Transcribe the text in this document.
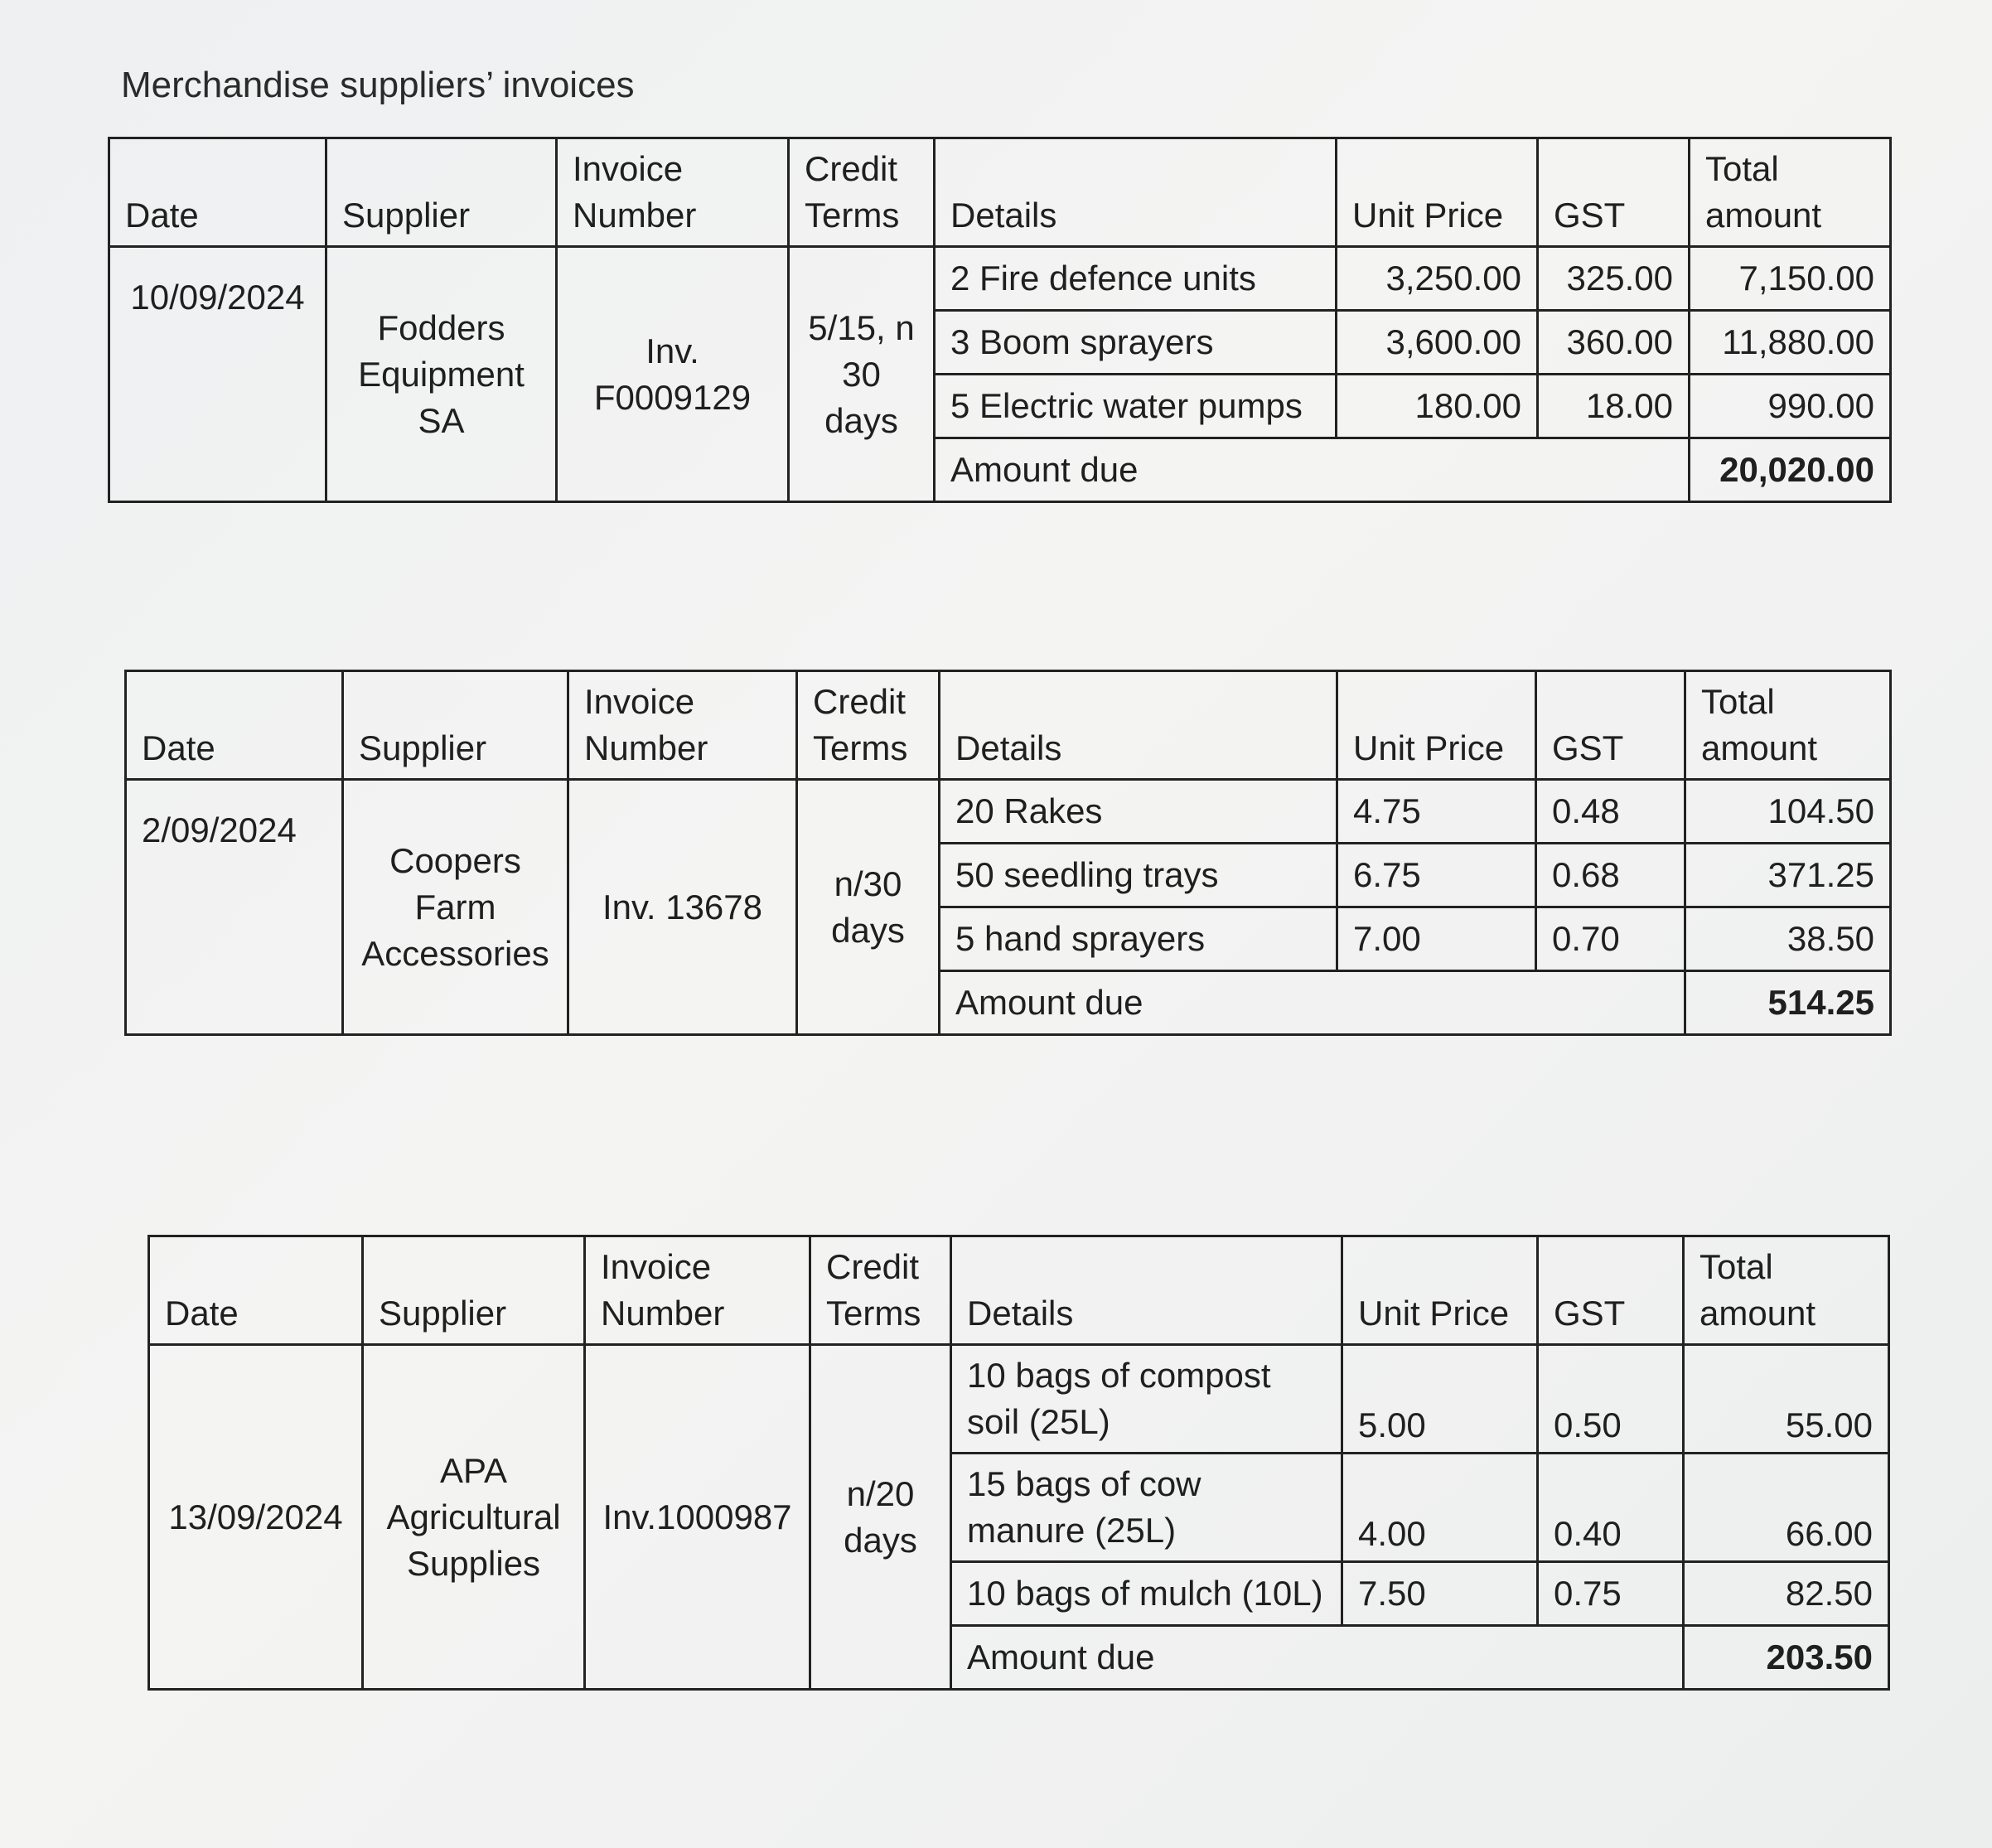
Merchandise suppliers’ invoices
Date	Supplier	Invoice Number	Credit Terms	Details	Unit Price	GST	Total amount
10/09/2024	Fodders Equipment SA	Inv. F0009129	5/15, n 30 days	2 Fire defence units	3,250.00	325.00	7,150.00
				3 Boom sprayers	3,600.00	360.00	11,880.00
				5 Electric water pumps	180.00	18.00	990.00
				Amount due			20,020.00
Date	Supplier	Invoice Number	Credit Terms	Details	Unit Price	GST	Total amount
2/09/2024	Coopers Farm Accessories	Inv. 13678	n/30 days	20 Rakes	4.75	0.48	104.50
				50 seedling trays	6.75	0.68	371.25
				5 hand sprayers	7.00	0.70	38.50
				Amount due			514.25
Date	Supplier	Invoice Number	Credit Terms	Details	Unit Price	GST	Total amount
13/09/2024	APA Agricultural Supplies	Inv.1000987	n/20 days	10 bags of compost soil (25L)	5.00	0.50	55.00
				15 bags of cow manure (25L)	4.00	0.40	66.00
				10 bags of mulch (10L)	7.50	0.75	82.50
				Amount due			203.50
